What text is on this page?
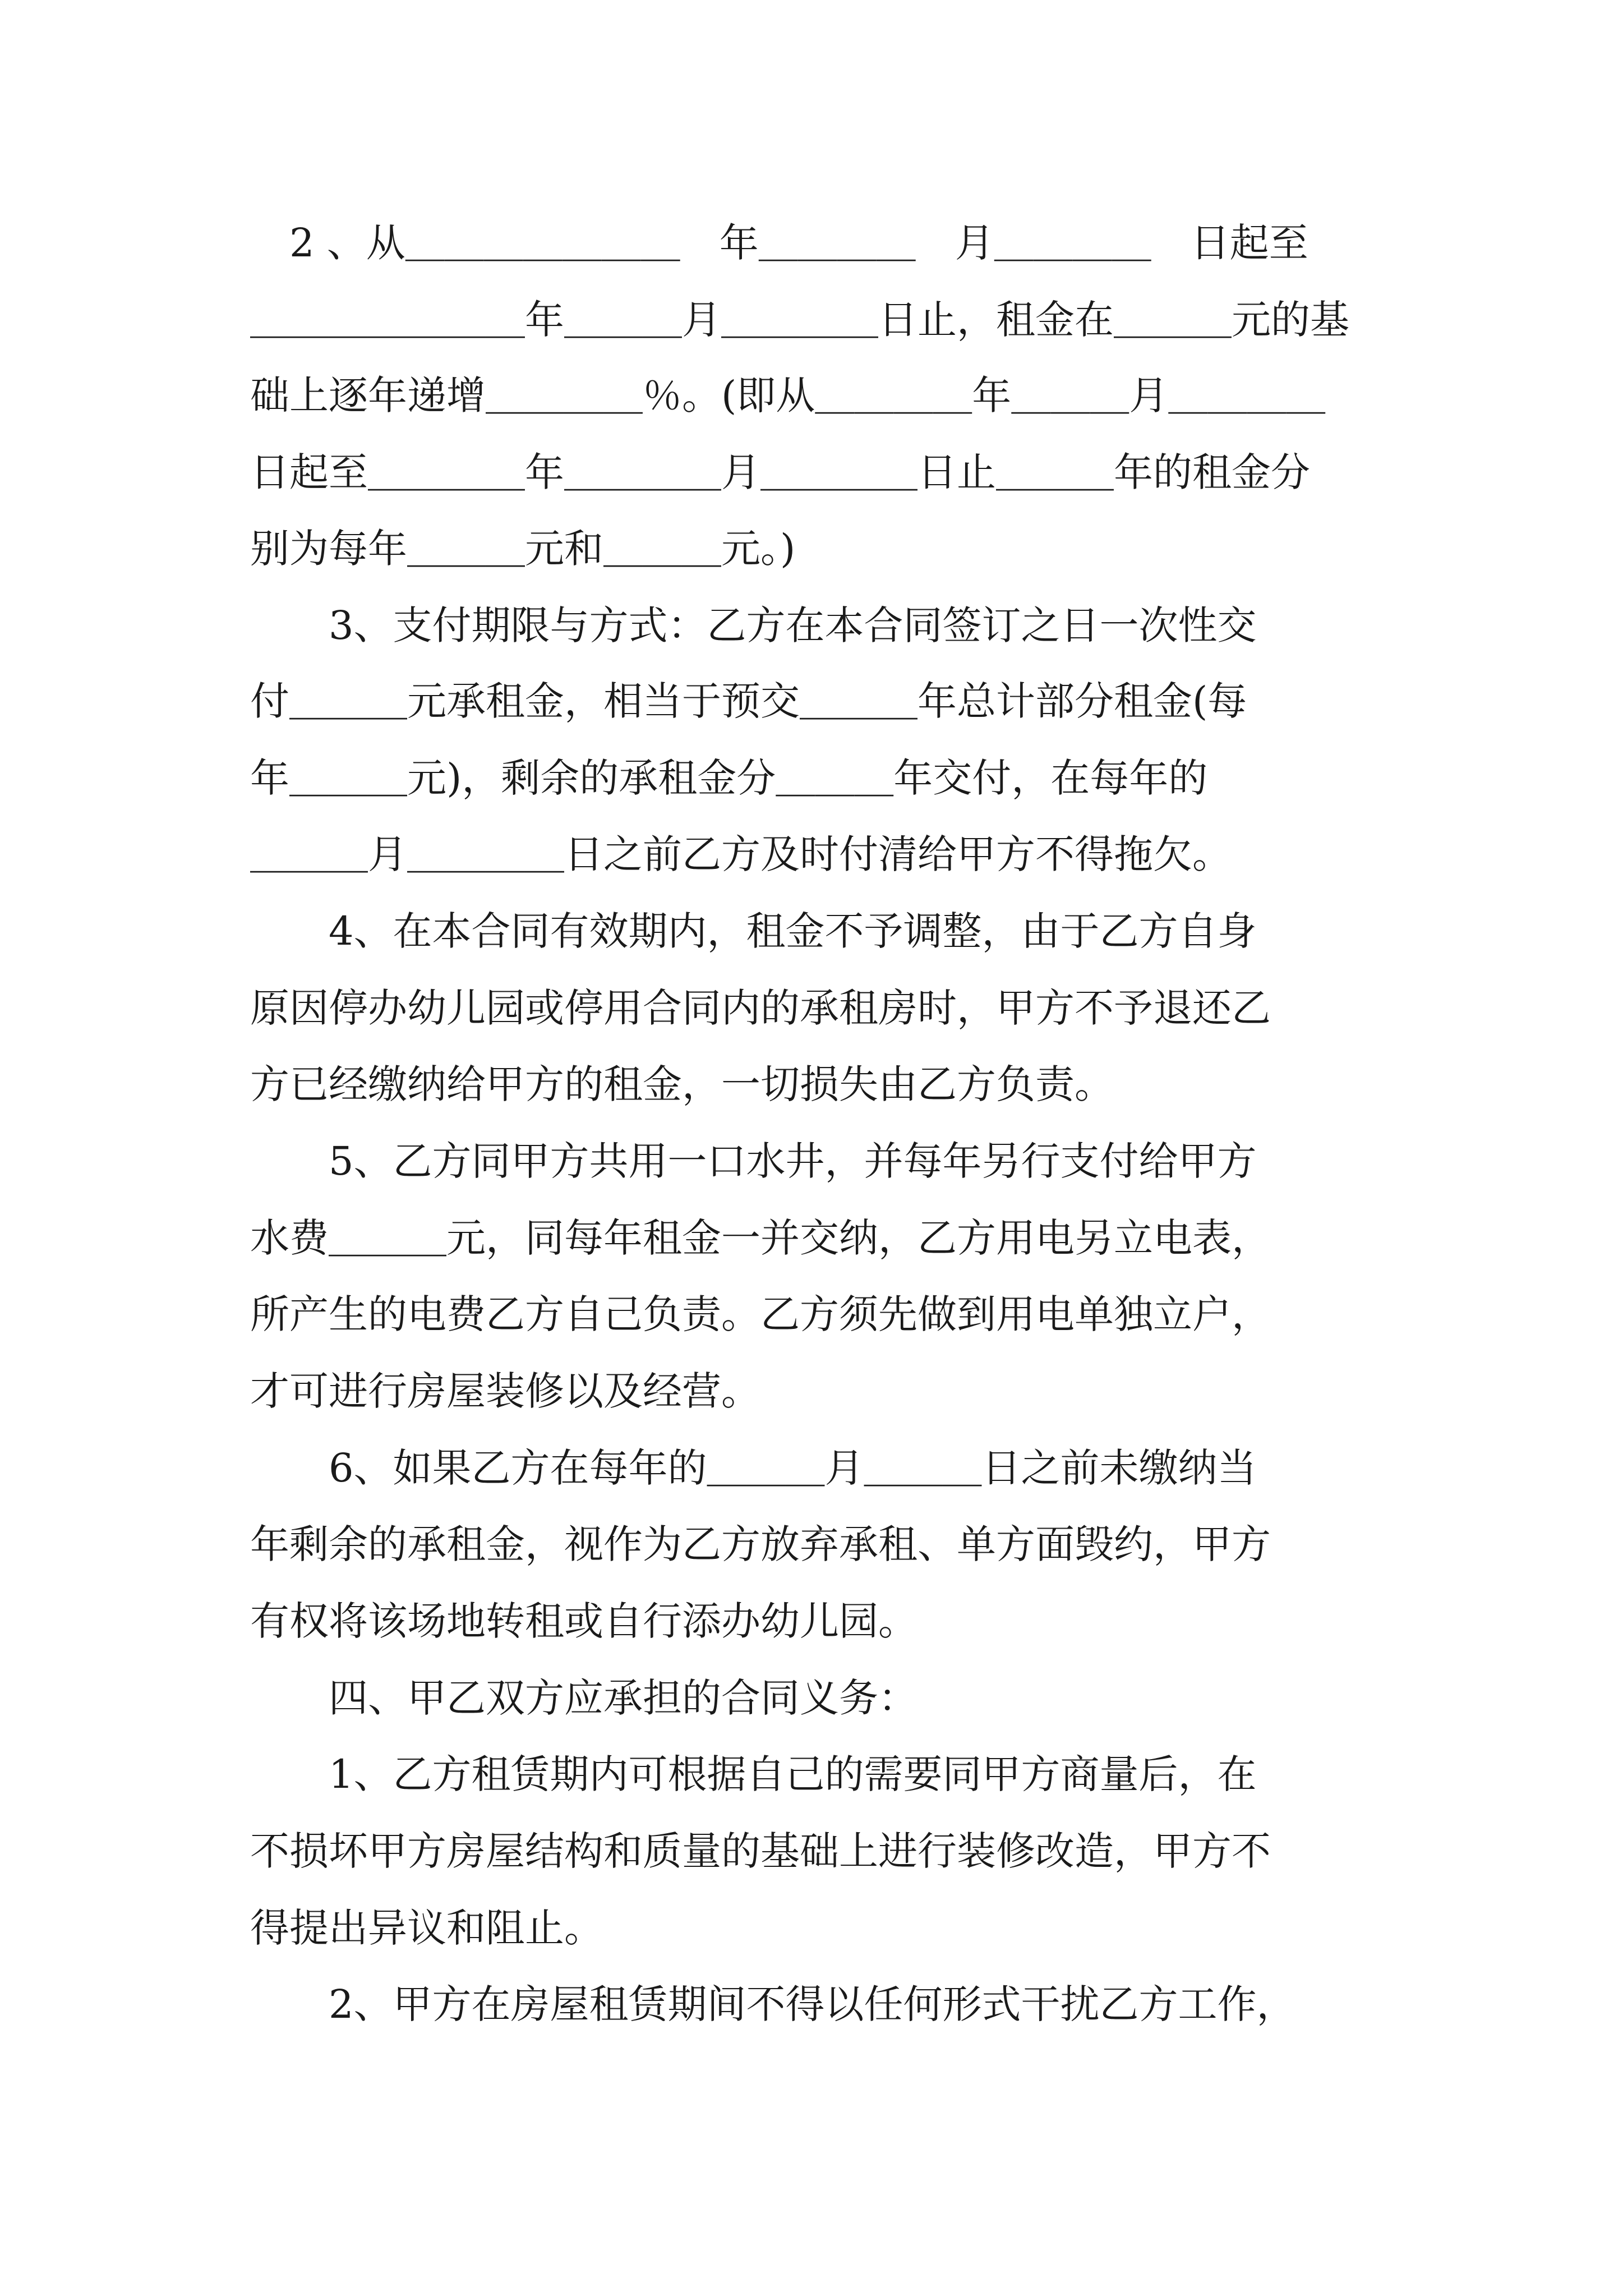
　2 、从＿＿＿＿＿＿＿　年＿＿＿＿　月＿＿＿＿　日起至
＿＿＿＿＿＿＿年＿＿＿月＿＿＿＿日止，租金在＿＿＿元的基
础上逐年递增＿＿＿＿％。(即从＿＿＿＿年＿＿＿月＿＿＿＿
日起至＿＿＿＿年＿＿＿＿月＿＿＿＿日止＿＿＿年的租金分
别为每年＿＿＿元和＿＿＿元。)
　　3、支付期限与方式：乙方在本合同签订之日一次性交
付＿＿＿元承租金，相当于预交＿＿＿年总计部分租金(每
年＿＿＿元)，剩余的承租金分＿＿＿年交付，在每年的
＿＿＿月＿＿＿＿日之前乙方及时付清给甲方不得拖欠。
　　4、在本合同有效期内，租金不予调整，由于乙方自身
原因停办幼儿园或停用合同内的承租房时，甲方不予退还乙
方已经缴纳给甲方的租金，一切损失由乙方负责。
　　5、乙方同甲方共用一口水井，并每年另行支付给甲方
水费＿＿＿元，同每年租金一并交纳，乙方用电另立电表，
所产生的电费乙方自己负责。乙方须先做到用电单独立户，
才可进行房屋装修以及经营。
　　6、如果乙方在每年的＿＿＿月＿＿＿日之前未缴纳当
年剩余的承租金，视作为乙方放弃承租、单方面毁约，甲方
有权将该场地转租或自行添办幼儿园。
　　四、甲乙双方应承担的合同义务：
　　1、乙方租赁期内可根据自己的需要同甲方商量后，在
不损坏甲方房屋结构和质量的基础上进行装修改造，甲方不
得提出异议和阻止。
　　2、甲方在房屋租赁期间不得以任何形式干扰乙方工作，
